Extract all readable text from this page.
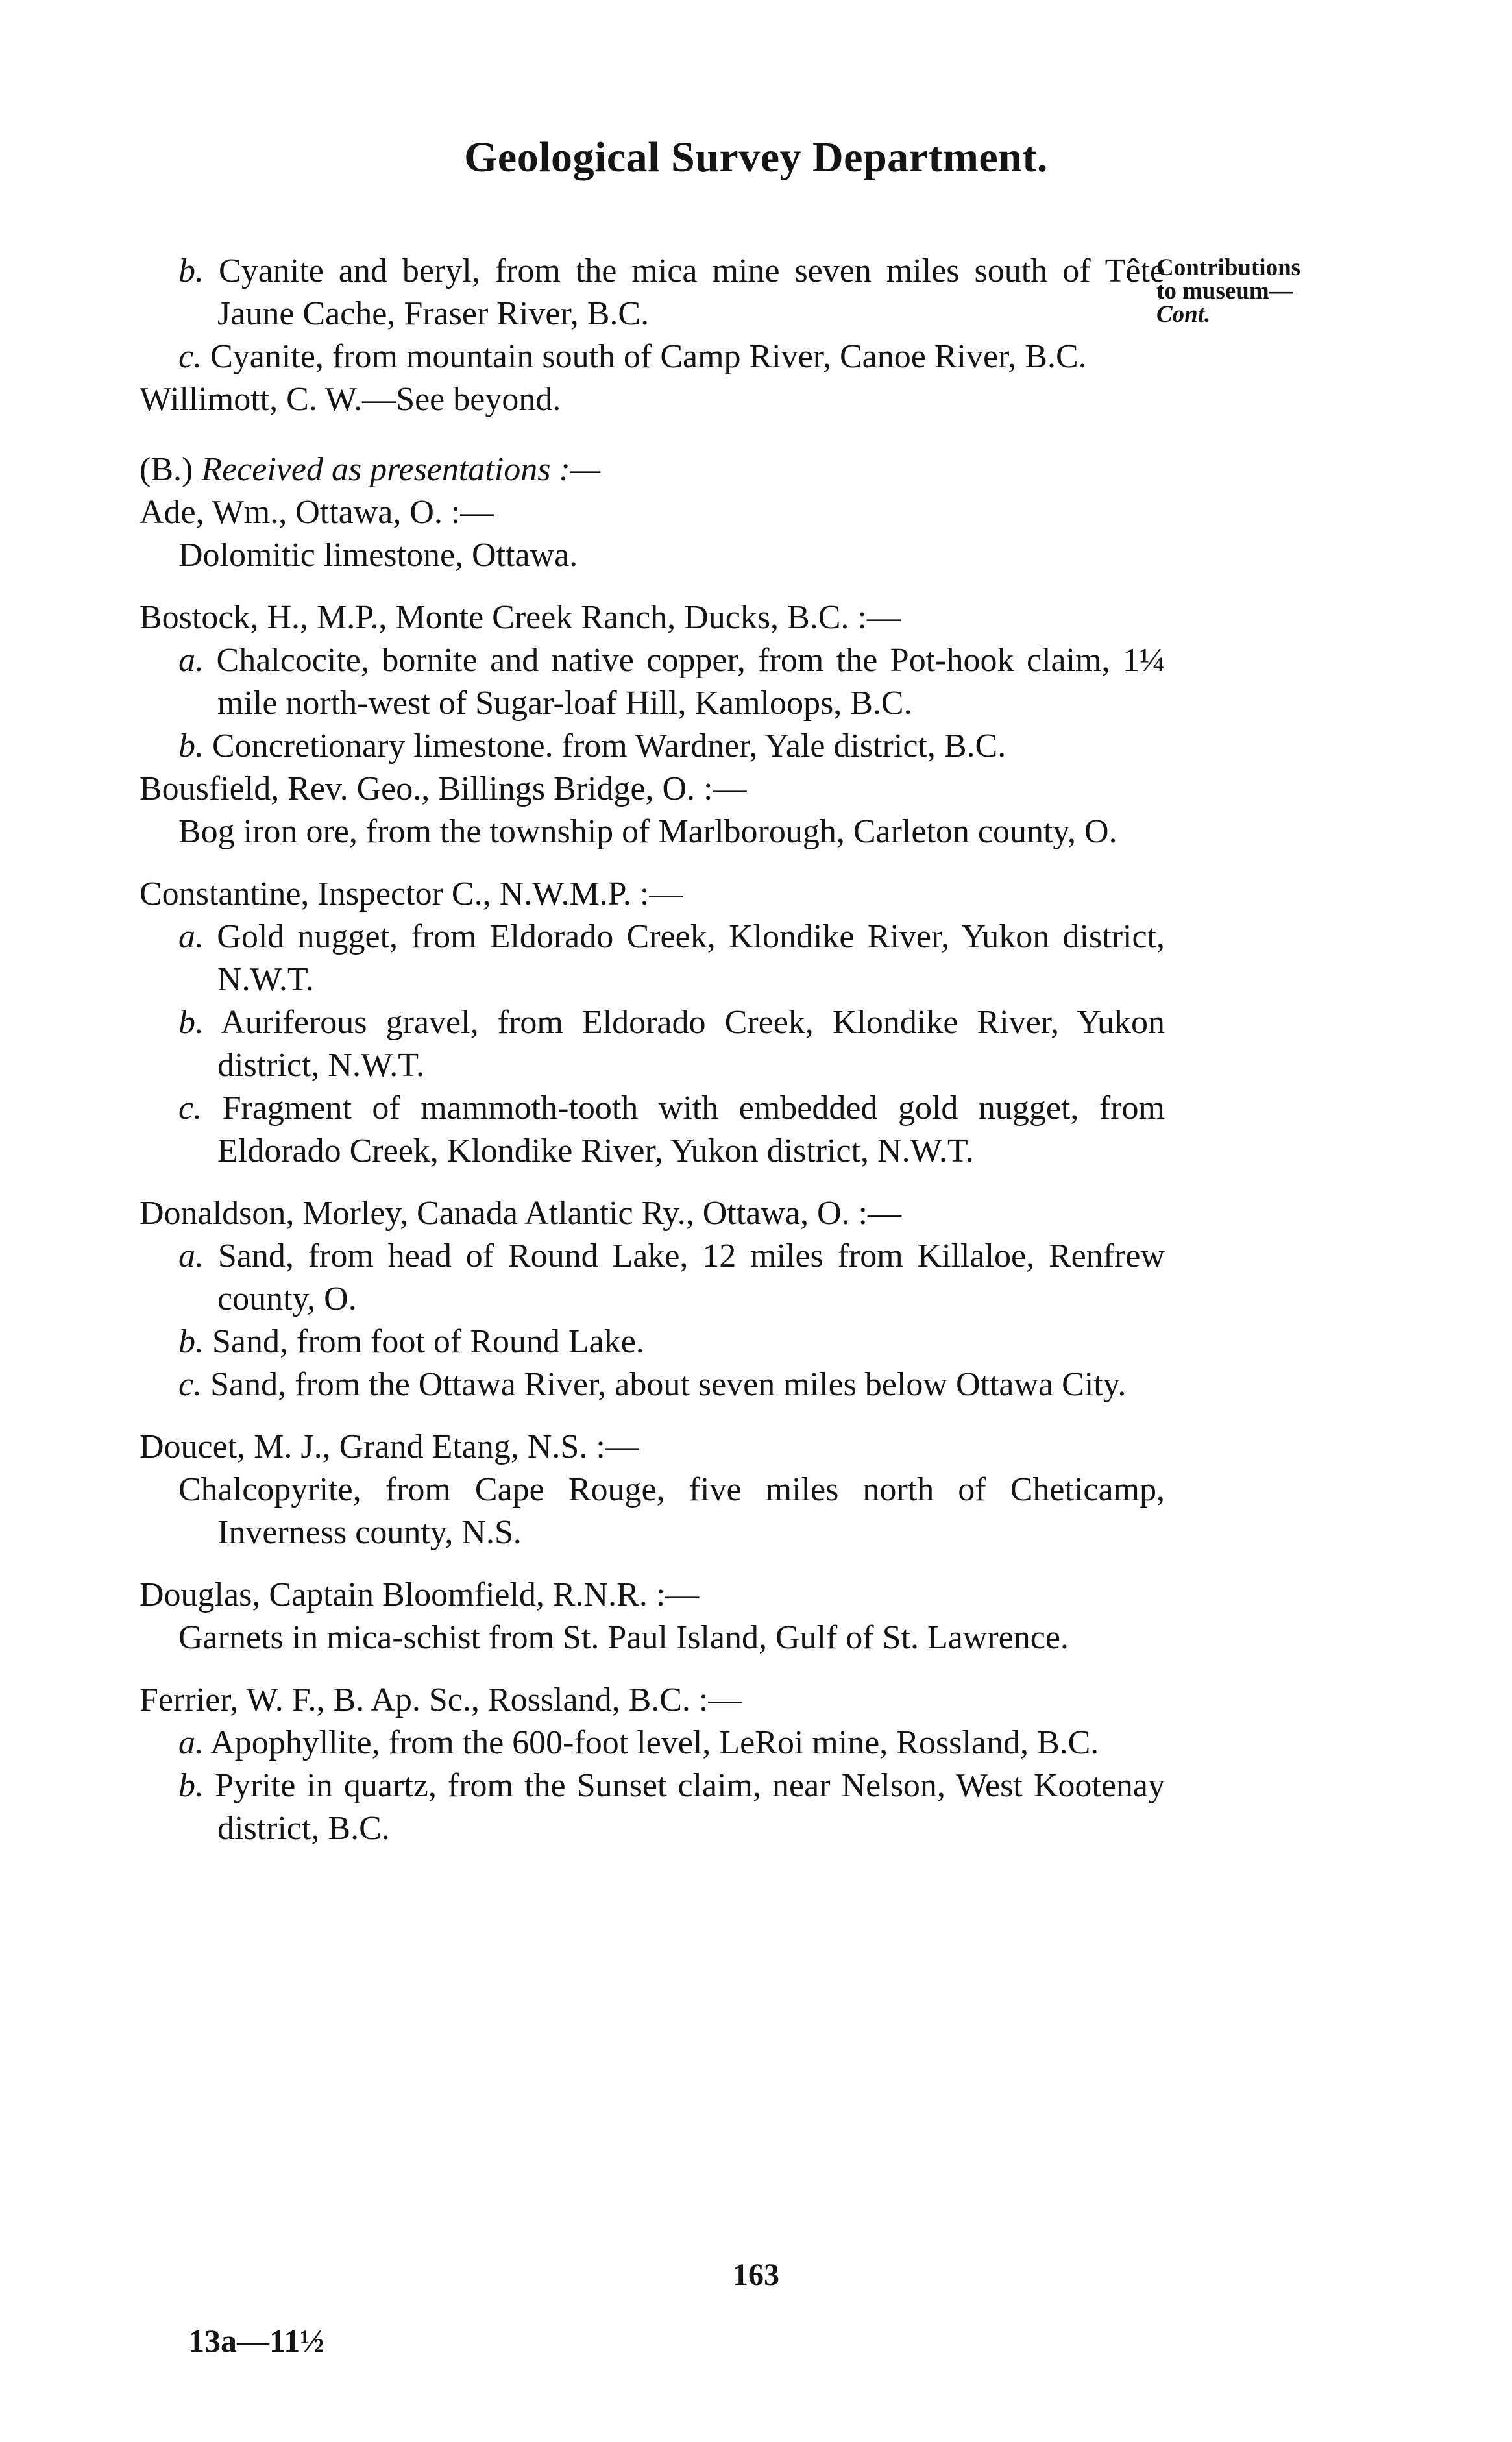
Geological Survey Department.
Contributions
to museum—
Cont.
b. Cyanite and beryl, from the mica mine seven miles south of Tête Jaune Cache, Fraser River, B.C.
c. Cyanite, from mountain south of Camp River, Canoe River, B.C.
Willimott, C. W.—See beyond.
(B.) Received as presentations :—
Ade, Wm., Ottawa, O. :—
Dolomitic limestone, Ottawa.
Bostock, H., M.P., Monte Creek Ranch, Ducks, B.C. :—
a. Chalcocite, bornite and native copper, from the Pot-hook claim, 1¼ mile north-west of Sugar-loaf Hill, Kamloops, B.C.
b. Concretionary limestone. from Wardner, Yale district, B.C.
Bousfield, Rev. Geo., Billings Bridge, O. :—
Bog iron ore, from the township of Marlborough, Carleton county, O.
Constantine, Inspector C., N.W.M.P. :—
a. Gold nugget, from Eldorado Creek, Klondike River, Yukon district, N.W.T.
b. Auriferous gravel, from Eldorado Creek, Klondike River, Yukon district, N.W.T.
c. Fragment of mammoth-tooth with embedded gold nugget, from Eldorado Creek, Klondike River, Yukon district, N.W.T.
Donaldson, Morley, Canada Atlantic Ry., Ottawa, O. :—
a. Sand, from head of Round Lake, 12 miles from Killaloe, Renfrew county, O.
b. Sand, from foot of Round Lake.
c. Sand, from the Ottawa River, about seven miles below Ottawa City.
Doucet, M. J., Grand Etang, N.S. :—
Chalcopyrite, from Cape Rouge, five miles north of Cheticamp, Inverness county, N.S.
Douglas, Captain Bloomfield, R.N.R. :—
Garnets in mica-schist from St. Paul Island, Gulf of St. Lawrence.
Ferrier, W. F., B. Ap. Sc., Rossland, B.C. :—
a. Apophyllite, from the 600-foot level, LeRoi mine, Rossland, B.C.
b. Pyrite in quartz, from the Sunset claim, near Nelson, West Kootenay district, B.C.
163
13a—11½
